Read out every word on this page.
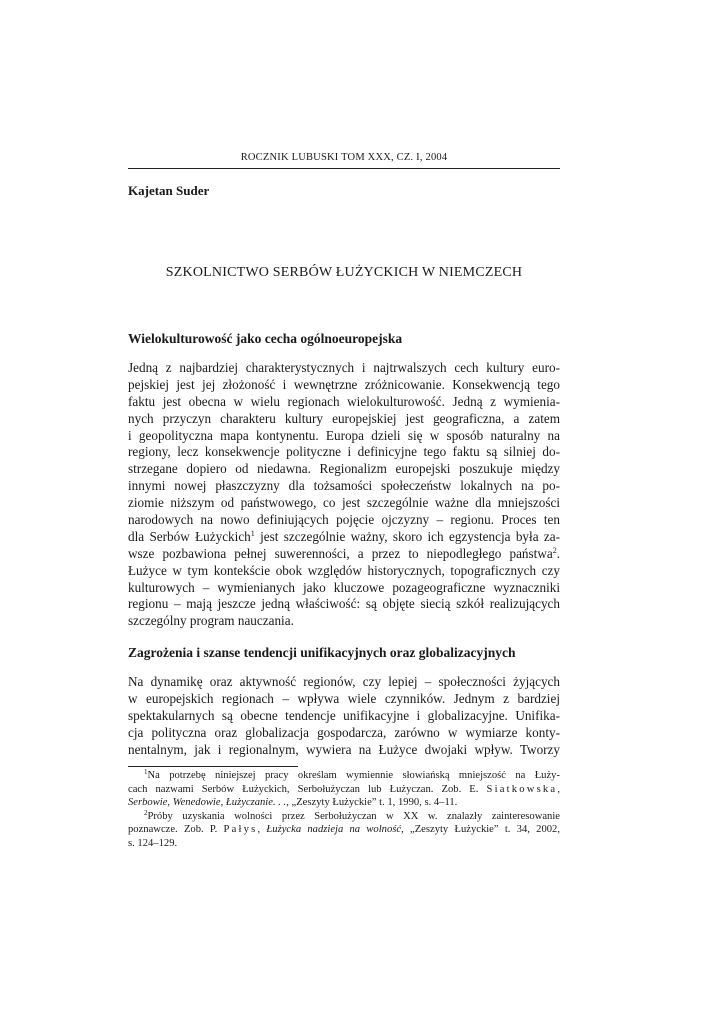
ROCZNIK LUBUSKI TOM XXX, CZ. I, 2004
Kajetan Suder
SZKOLNICTWO SERBÓW ŁUŻYCKICH W NIEMCZECH
Wielokulturowość jako cecha ogólnoeuropejska
Jedną z najbardziej charakterystycznych i najtrwalszych cech kultury euro-
pejskiej jest jej złożoność i wewnętrzne zróżnicowanie. Konsekwencją tego
faktu jest obecna w wielu regionach wielokulturowość. Jedną z wymienia-
nych przyczyn charakteru kultury europejskiej jest geograficzna, a zatem
i geopolityczna mapa kontynentu. Europa dzieli się w sposób naturalny na
regiony, lecz konsekwencje polityczne i definicyjne tego faktu są silniej do-
strzegane dopiero od niedawna. Regionalizm europejski poszukuje między
innymi nowej płaszczyzny dla tożsamości społeczeństw lokalnych na po-
ziomie niższym od państwowego, co jest szczególnie ważne dla mniejszości
narodowych na nowo definiujących pojęcie ojczyzny – regionu. Proces ten
dla Serbów Łużyckich$^1$ jest szczególnie ważny, skoro ich egzystencja była za-
wsze pozbawiona pełnej suwerenności, a przez to niepodległego państwa$^2$.
Łużyce w tym kontekście obok względów historycznych, topograficznych czy
kulturowych – wymienianych jako kluczowe pozageograficzne wyznaczniki
regionu – mają jeszcze jedną właściwość: są objęte siecią szkół realizujących
szczególny program nauczania.
Zagrożenia i szanse tendencji unifikacyjnych oraz globalizacyjnych
Na dynamikę oraz aktywność regionów, czy lepiej – społeczności żyjących
w europejskich regionach – wpływa wiele czynników. Jednym z bardziej
spektakularnych są obecne tendencje unifikacyjne i globalizacyjne. Unifika-
cja polityczna oraz globalizacja gospodarcza, zarówno w wymiarze konty-
nentalnym, jak i regionalnym, wywiera na Łużyce dwojaki wpływ. Tworzy
$^1$Na potrzebę niniejszej pracy określam wymiennie słowiańską mniejszość na Łuży-
cach nazwami Serbów Łużyckich, Serbołużyczan lub Łużyczan. Zob. E. Siatkowska,
Serbowie, Wenedowie, Łużyczanie. . ., „Zeszyty Łużyckie” t. 1, 1990, s. 4–11.
$^2$Próby uzyskania wolności przez Serbołużyczan w XX w. znalazły zainteresowanie
poznawcze. Zob. P. Pałys, Łużycka nadzieja na wolność, „Zeszyty Łużyckie” t. 34, 2002,
s. 124–129.
